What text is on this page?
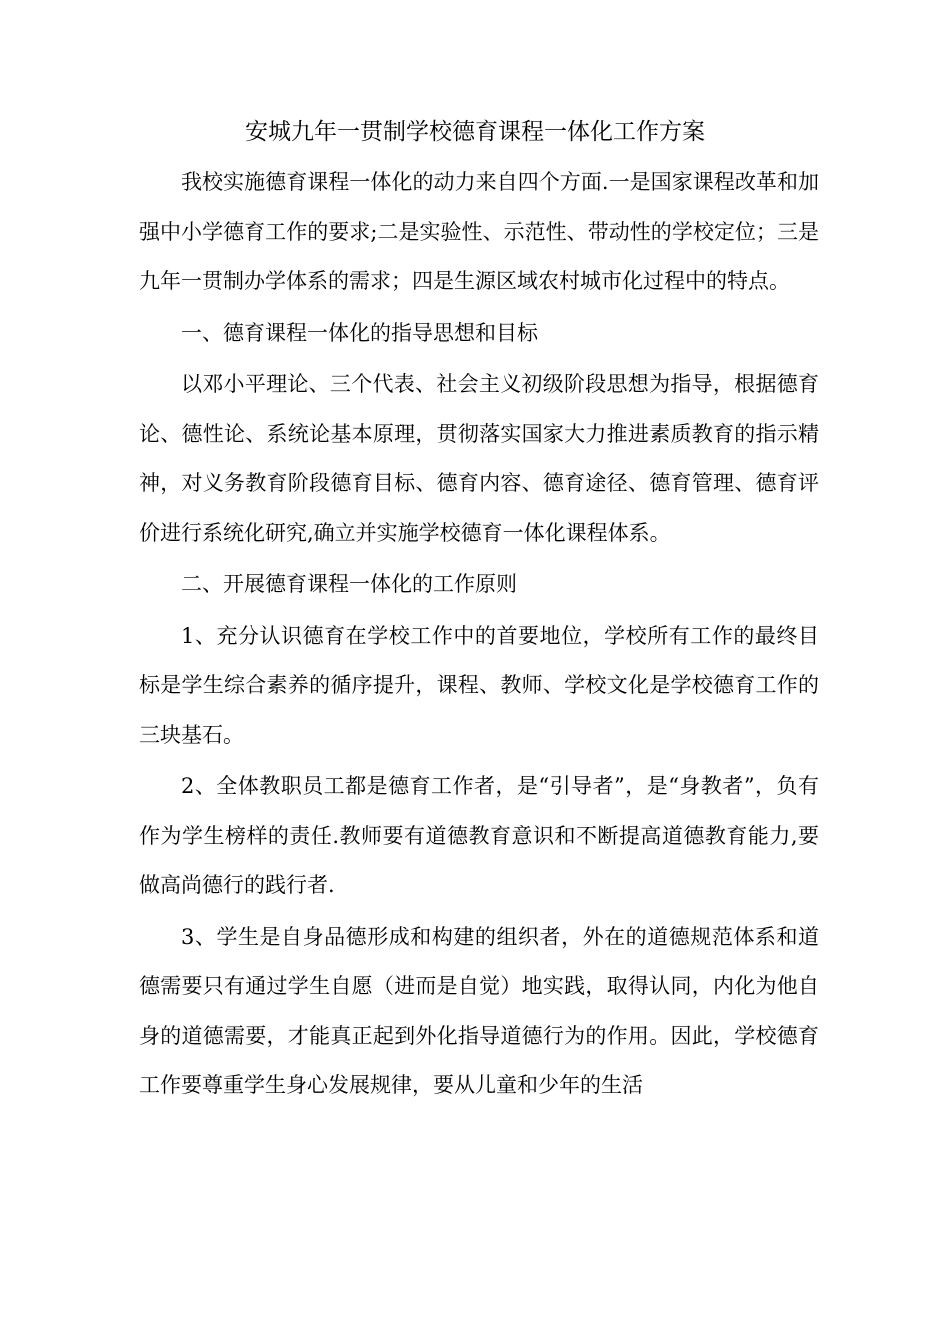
安城九年一贯制学校德育课程一体化工作方案

我校实施德育课程一体化的动力来自四个方面.一是国家课程改革和加强中小学德育工作的要求;二是实验性、示范性、带动性的学校定位；三是九年一贯制办学体系的需求；四是生源区域农村城市化过程中的特点。

一、德育课程一体化的指导思想和目标

以邓小平理论、三个代表、社会主义初级阶段思想为指导，根据德育论、德性论、系统论基本原理，贯彻落实国家大力推进素质教育的指示精神，对义务教育阶段德育目标、德育内容、德育途径、德育管理、德育评价进行系统化研究,确立并实施学校德育一体化课程体系。

二、开展德育课程一体化的工作原则

1、充分认识德育在学校工作中的首要地位，学校所有工作的最终目标是学生综合素养的循序提升，课程、教师、学校文化是学校德育工作的三块基石。

2、全体教职员工都是德育工作者，是“引导者”，是“身教者”，负有作为学生榜样的责任.教师要有道德教育意识和不断提高道德教育能力,要做高尚德行的践行者.

3、学生是自身品德形成和构建的组织者，外在的道德规范体系和道德需要只有通过学生自愿（进而是自觉）地实践，取得认同，内化为他自身的道德需要，才能真正起到外化指导道德行为的作用。因此，学校德育工作要尊重学生身心发展规律，要从儿童和少年的生活
